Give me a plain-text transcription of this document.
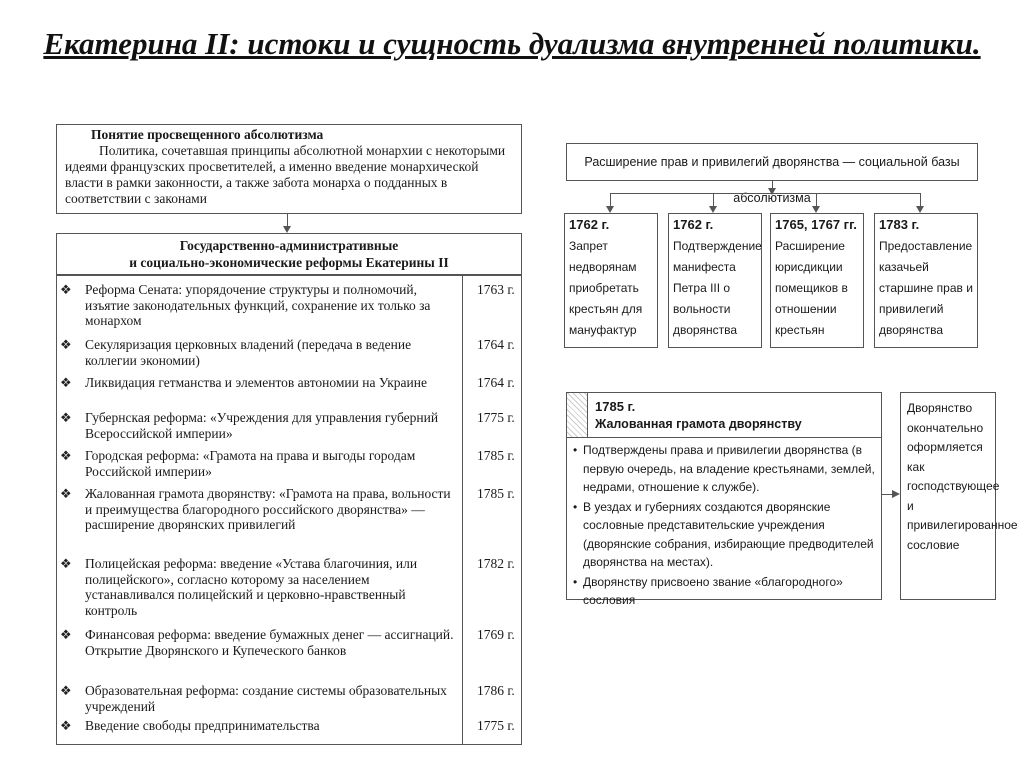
Екатерина II: истоки и сущность дуализма внутренней политики.
Понятие просвещенного абсолютизма
Политика, сочетавшая принципы абсолютной монархии с некоторыми идеями французских просветителей, а именно введение монархической власти в рамки законности, а также забота монарха о подданных в соответствии с законами
Государственно-административные
и социально-экономические реформы Екатерины II
❖ Реформа Сената: упорядочение структуры и полномочий, изъятие законодательных функций, сохранение их только за монархом
1763 г.
❖ Секуляризация церковных владений (передача в ведение коллегии экономии)
1764 г.
❖ Ликвидация гетманства и элементов автономии на Украине	1764 г.
❖ Губернская реформа: «Учреждения для управления губерний Всероссийской империи»
1775 г.
❖ Городская реформа: «Грамота на права и выгоды городам Российской империи»
1785 г.
❖ Жалованная грамота дворянству: «Грамота на права, вольности и преимущества благородного российского дворянства» — расширение дворянских привилегий
1785 г.
❖ Полицейская реформа: введение «Устава благочиния, или полицейского», согласно которому за населением устанавливался полицейский и церковно-нравственный контроль
1782 г.
❖ Финансовая реформа: введение бумажных денег — ассигнаций. Открытие Дворянского и Купеческого банков
1769 г.
❖ Образовательная реформа: создание системы образовательных учреждений
1786 г.
❖ Введение свободы предпринимательства	1775 г.
Расширение прав и привилегий дворянства — социальной базы абсолютизма
1762 г.
Запрет недворянам приобретать крестьян для мануфактур
1762 г.
Подтверждение манифеста Петра III о вольности дворянства
1765, 1767 гг.
Расширение юрисдикции помещиков в отношении крестьян
1783 г.
Предоставление казачьей старшине прав и привилегий дворянства
1785 г.
Жалованная грамота дворянству
• Подтверждены права и привилегии дворянства (в первую очередь, на владение крестьянами, землей, недрами, отношение к службе).
• В уездах и губерниях создаются дворянские сословные представительские учреждения (дворянские собрания, избирающие предводителей дворянства на местах).
• Дворянству присвоено звание «благородного» сословия
Дворянство окончательно оформляется как господствующее и привилегированное сословие
